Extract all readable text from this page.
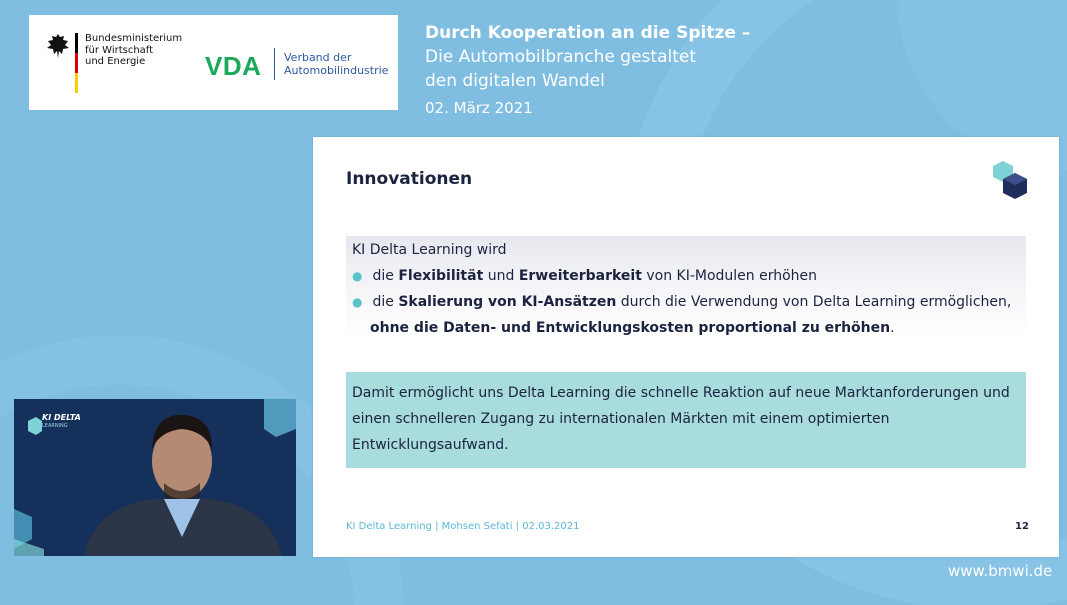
Bundesministerium
für Wirtschaft
und Energie	VDA Verband der
Automobilindustrie
Durch Kooperation an die Spitze –
Die Automobilbranche gestaltet
den digitalen Wandel
02. März 2021
Innovationen
KI Delta Learning wird
● die Flexibilität und Erweiterbarkeit von KI-Modulen erhöhen
● die Skalierung von KI-Ansätzen durch die Verwendung von Delta Learning ermöglichen,
ohne die Daten- und Entwicklungskosten proportional zu erhöhen.
Damit ermöglicht uns Delta Learning die schnelle Reaktion auf neue Marktanforderungen und
einen schnelleren Zugang zu internationalen Märkten mit einem optimierten
Entwicklungsaufwand.
KI Delta Learning | Mohsen Sefati | 02.03.2021	12
KI DELTA
LEARNING
www.bmwi.de
